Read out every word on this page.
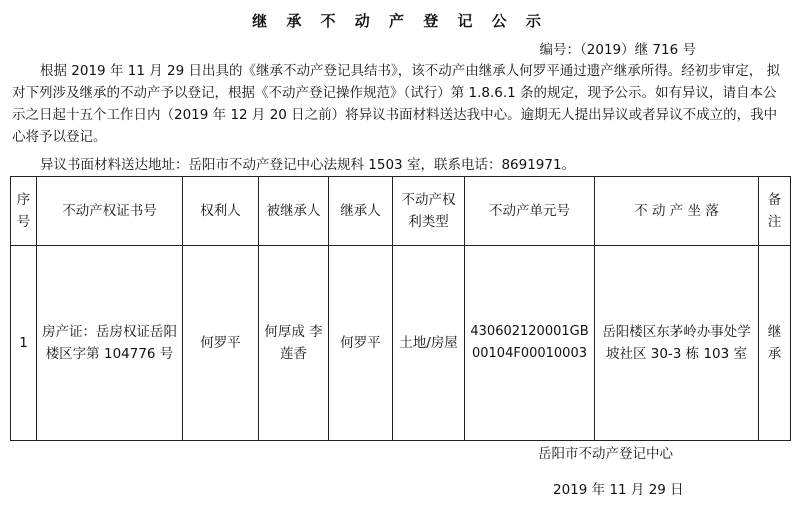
继 承 不 动 产 登 记 公 示
编号：（2019）继 716 号
根据 2019 年 11 月 29 日出具的《继承不动产登记具结书》，该不动产由继承人何罗平通过遗产继承所得。经初步审定， 拟对下列涉及继承的不动产予以登记，根据《不动产登记操作规范》（试行）第 1.8.6.1 条的规定，现予公示。如有异议，请自本公示之日起十五个工作日内（2019 年 12 月 20 日之前）将异议书面材料送达我中心。逾期无人提出异议或者异议不成立的，我中心将予以登记。
异议书面材料送达地址：岳阳市不动产登记中心法规科 1503 室，联系电话：8691971。
序号	不动产权证书号	权利人	被继承人	继承人	不动产权利类型	不动产单元号	不 动 产 坐 落	备注
1	房产证：岳房权证岳阳楼区字第 104776 号	何罗平	何厚成 李莲香	何罗平	土地/房屋	430602120001GB00104F00010003	岳阳楼区东茅岭办事处学坡社区 30-3 栋 103 室	继承
岳阳市不动产登记中心
2019 年 11 月 29 日
